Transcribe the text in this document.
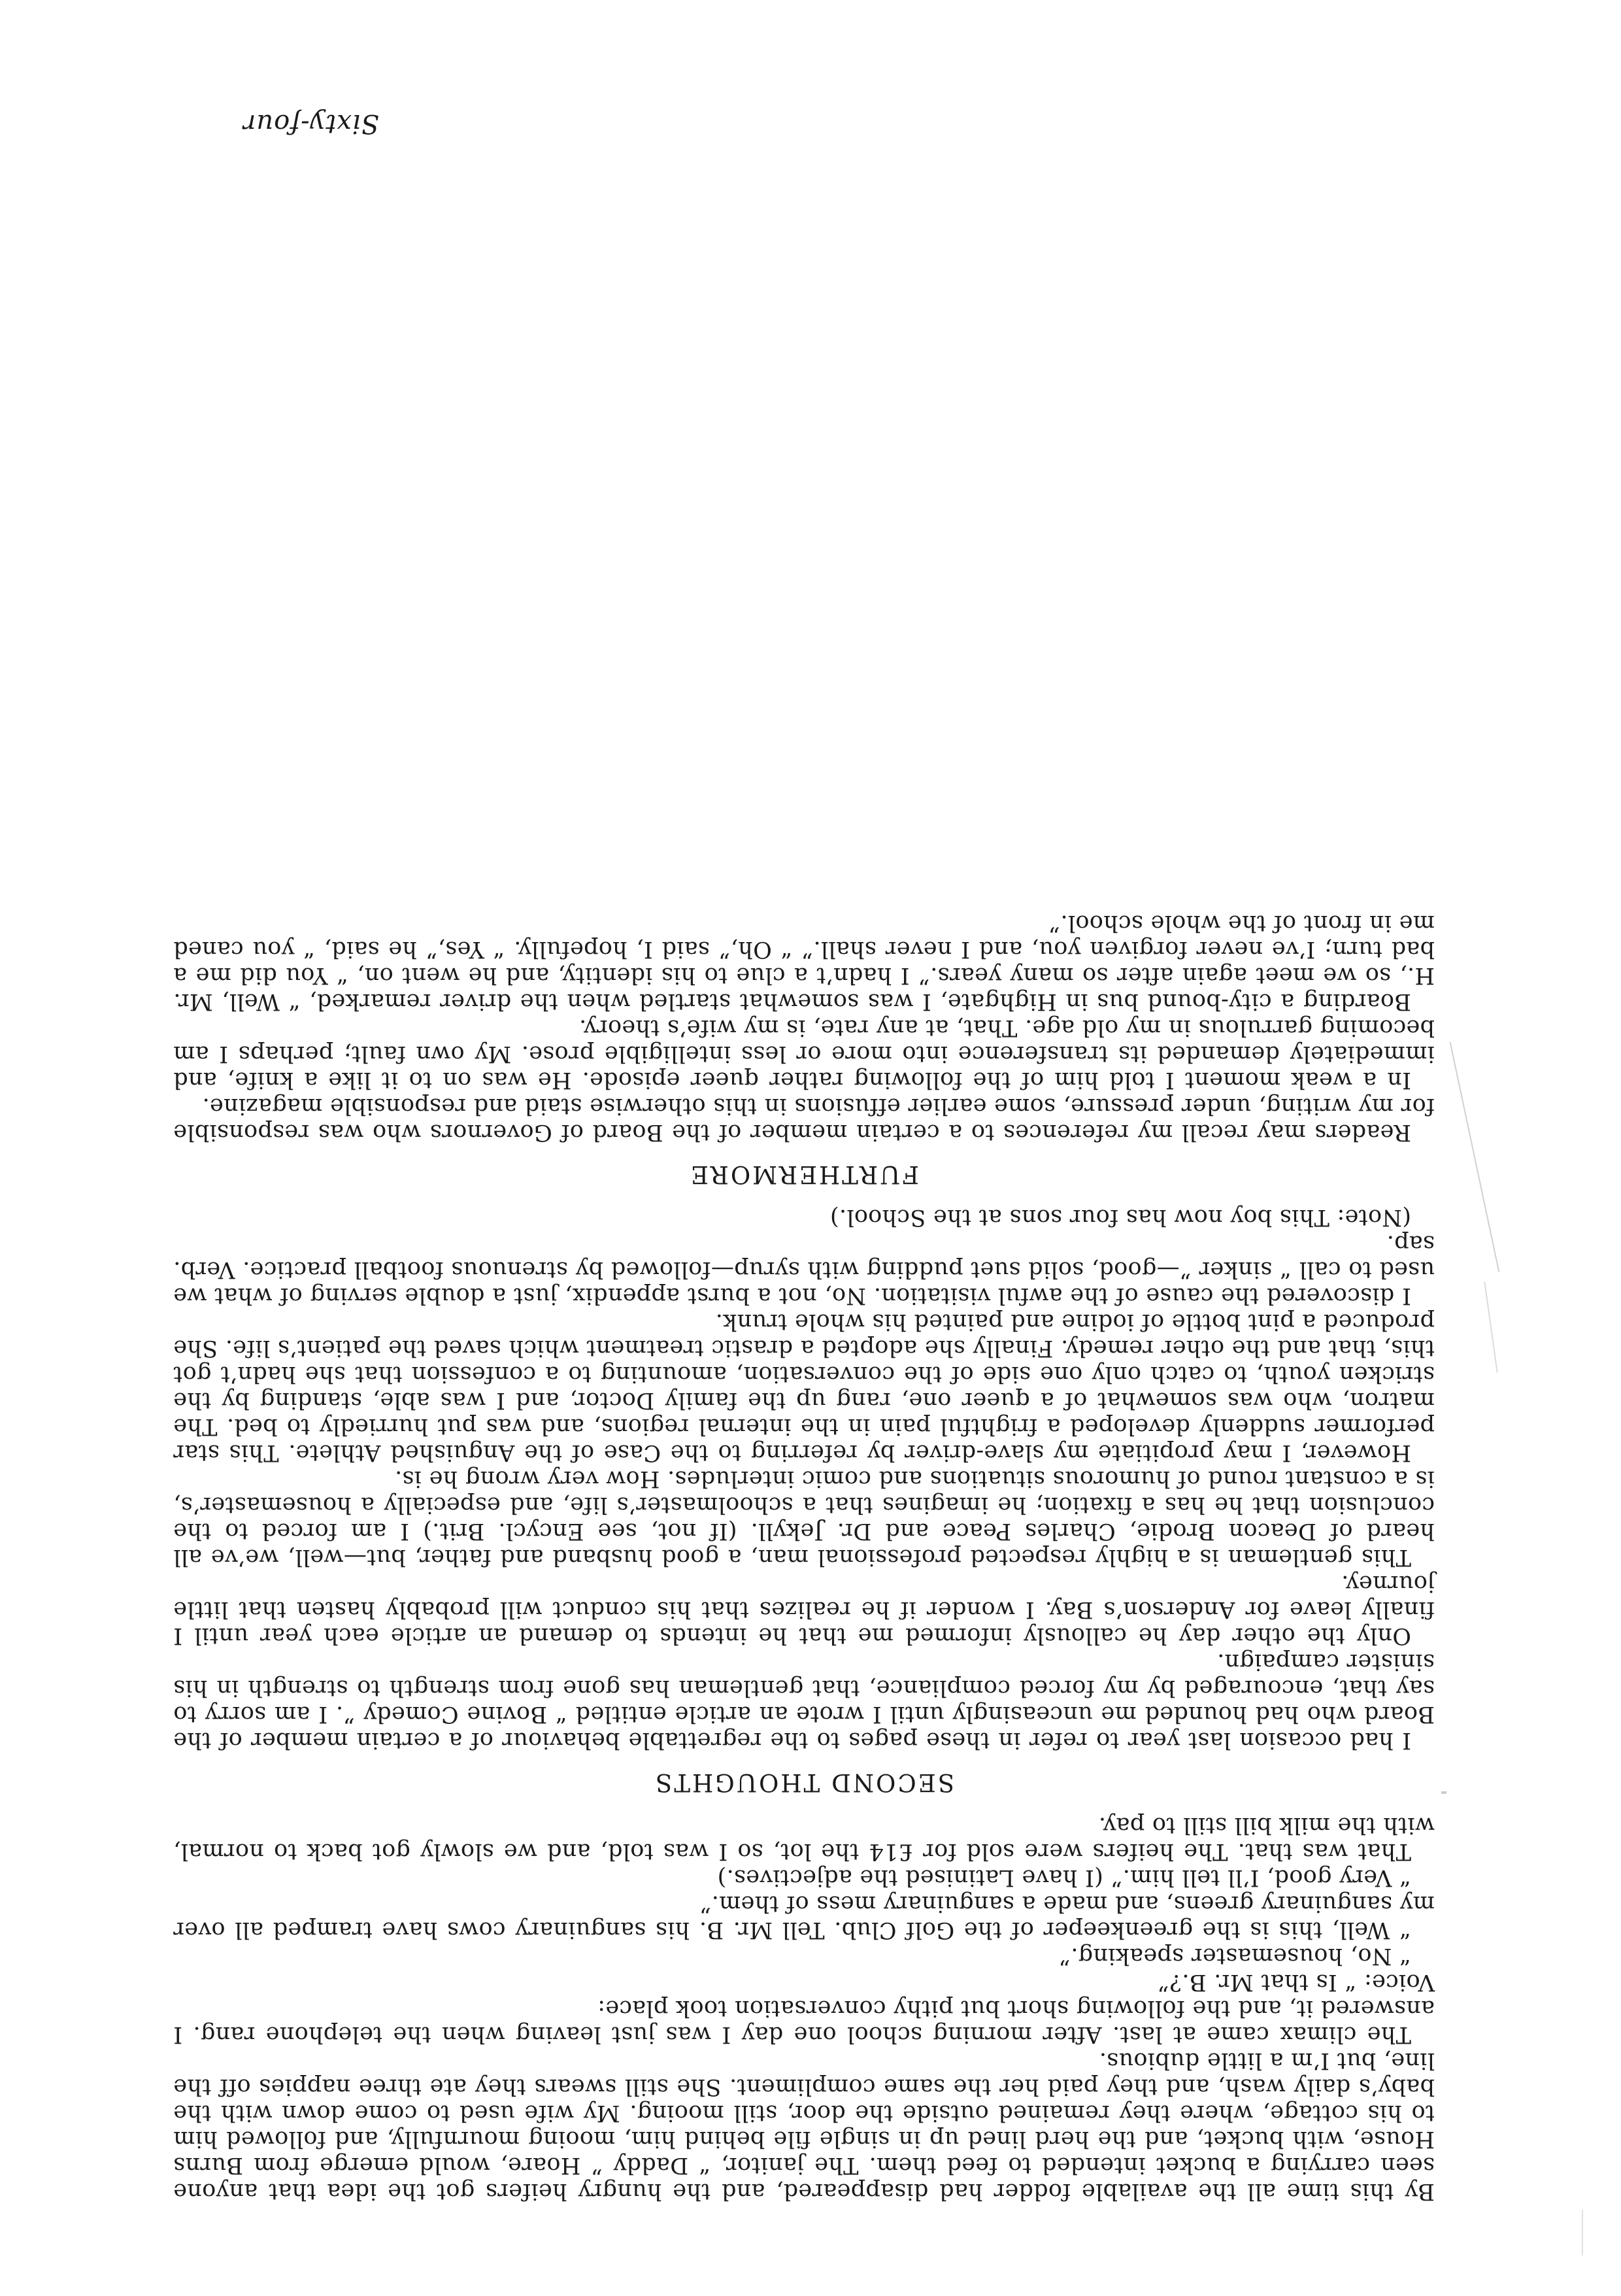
By this time all the available fodder had disappeared, and the hungry heifers got the idea that anyone seen carrying a bucket intended to feed them. The janitor, “ Daddy ” Hoare, would emerge from Burns House, with bucket, and the herd lined up in single file behind him, mooing mournfully, and followed him to his cottage, where they remained outside the door, still mooing. My wife used to come down with the baby’s daily wash, and they paid her the same compliment. She still swears they ate three nappies off the line, but I’m a little dubious.

The climax came at last. After morning school one day I was just leaving when the telephone rang. I answered it, and the following short but pithy conversation took place:

Voice: “ Is that Mr. B.?”

“ No, housemaster speaking.”

“ Well, this is the greenkeeper of the Golf Club. Tell Mr. B. his sanguinary cows have tramped all over my sanguinary greens, and made a sanguinary mess of them.”

“ Very good, I’ll tell him.” (I have Latinised the adjectives.)

That was that. The heifers were sold for £14 the lot, so I was told, and we slowly got back to normal, with the milk bill still to pay.

SECOND THOUGHTS

I had occasion last year to refer in these pages to the regrettable behaviour of a certain member of the Board who had hounded me unceasingly until I wrote an article entitled “ Bovine Comedy ”. I am sorry to say that, encouraged by my forced compliance, that gentleman has gone from strength to strength in his sinister campaign.

Only the other day he callously informed me that he intends to demand an article each year until I finally leave for Anderson’s Bay. I wonder if he realizes that his conduct will probably hasten that little journey.

This gentleman is a highly respected professional man, a good husband and father, but—well, we’ve all heard of Deacon Brodie, Charles Peace and Dr. Jekyll. (If not, see Encycl. Brit.) I am forced to the conclusion that he has a fixation; he imagines that a schoolmaster’s life, and especially a housemaster’s, is a constant round of humorous situations and comic interludes. How very wrong he is.

However, I may propitiate my slave-driver by referring to the Case of the Anguished Athlete. This star performer suddenly developed a frightful pain in the internal regions, and was put hurriedly to bed. The matron, who was somewhat of a queer one, rang up the family Doctor, and I was able, standing by the stricken youth, to catch only one side of the conversation, amounting to a confession that she hadn’t got this, that and the other remedy. Finally she adopted a drastic treatment which saved the patient’s life. She produced a pint bottle of iodine and painted his whole trunk.

I discovered the cause of the awful visitation. No, not a burst appendix, just a double serving of what we used to call “ sinker ”—good, solid suet pudding with syrup—followed by strenuous football practice. Verb. sap.

(Note: This boy now has four sons at the School.)

FURTHERMORE

Readers may recall my references to a certain member of the Board of Governors who was responsible for my writing, under pressure, some earlier effusions in this otherwise staid and responsible magazine.

In a weak moment I told him of the following rather queer episode. He was on to it like a knife, and immediately demanded its transference into more or less intelligible prose. My own fault; perhaps I am becoming garrulous in my old age. That, at any rate, is my wife’s theory.

Boarding a city-bound bus in Highgate, I was somewhat startled when the driver remarked, “ Well, Mr. H., so we meet again after so many years.” I hadn’t a clue to his identity, and he went on, “ You did me a bad turn; I’ve never forgiven you, and I never shall.” “ Oh,” said I, hopefully. “ Yes,” he said, “ you caned me in front of the whole school.”

Sixty-four
